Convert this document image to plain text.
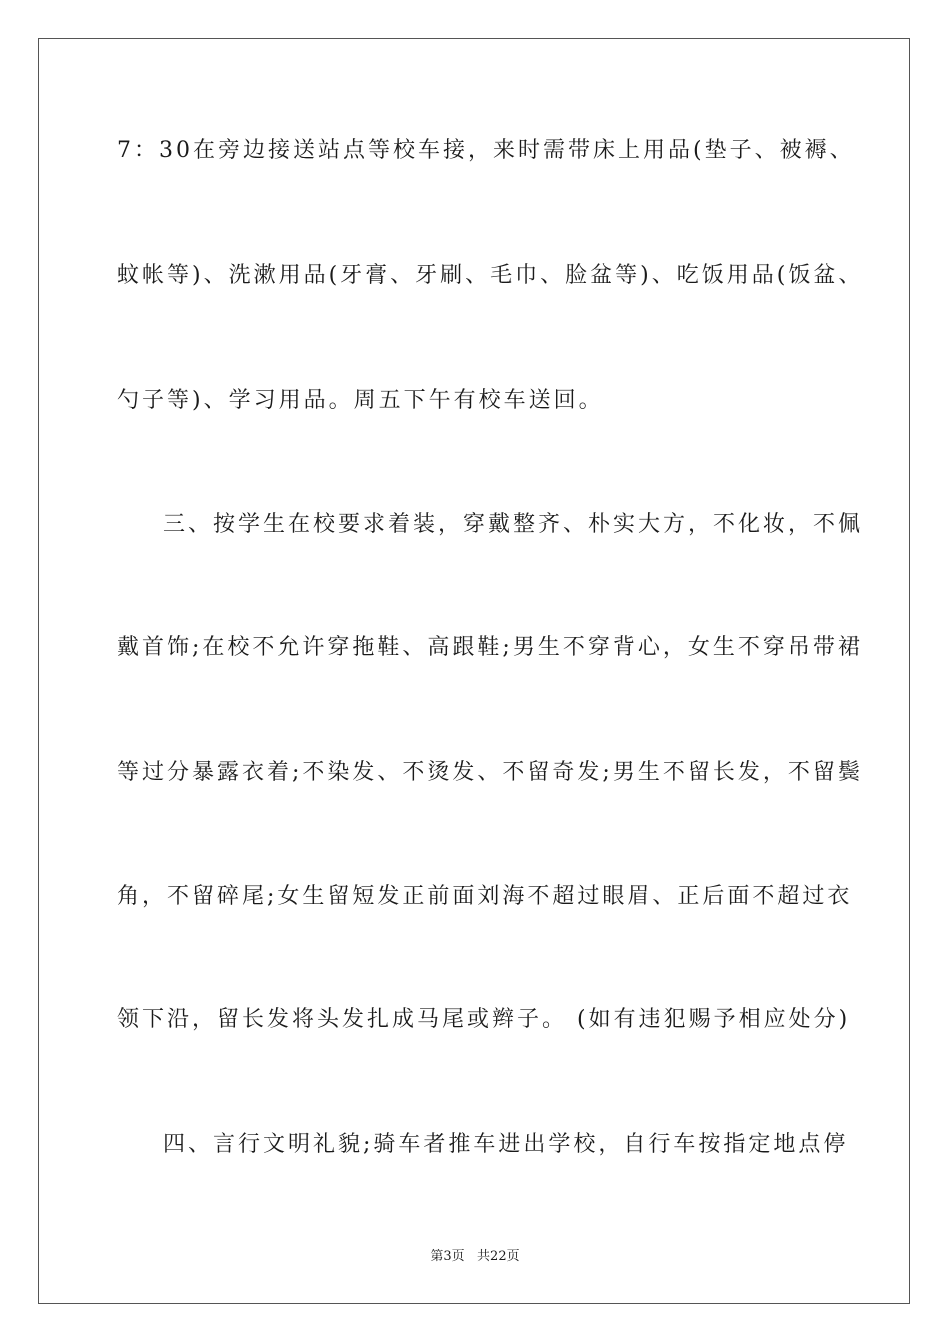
7：30在旁边接送站点等校车接，来时需带床上用品(垫子、被褥、
蚊帐等)、洗漱用品(牙膏、牙刷、毛巾、脸盆等)、吃饭用品(饭盆、
勺子等)、学习用品。周五下午有校车送回。
三、按学生在校要求着装，穿戴整齐、朴实大方，不化妆，不佩
戴首饰;在校不允许穿拖鞋、高跟鞋;男生不穿背心，女生不穿吊带裙
等过分暴露衣着;不染发、不烫发、不留奇发;男生不留长发，不留鬓
角，不留碎尾;女生留短发正前面刘海不超过眼眉、正后面不超过衣
领下沿，留长发将头发扎成马尾或辫子。 (如有违犯赐予相应处分)
四、言行文明礼貌;骑车者推车进出学校，自行车按指定地点停
第3页   共22页
